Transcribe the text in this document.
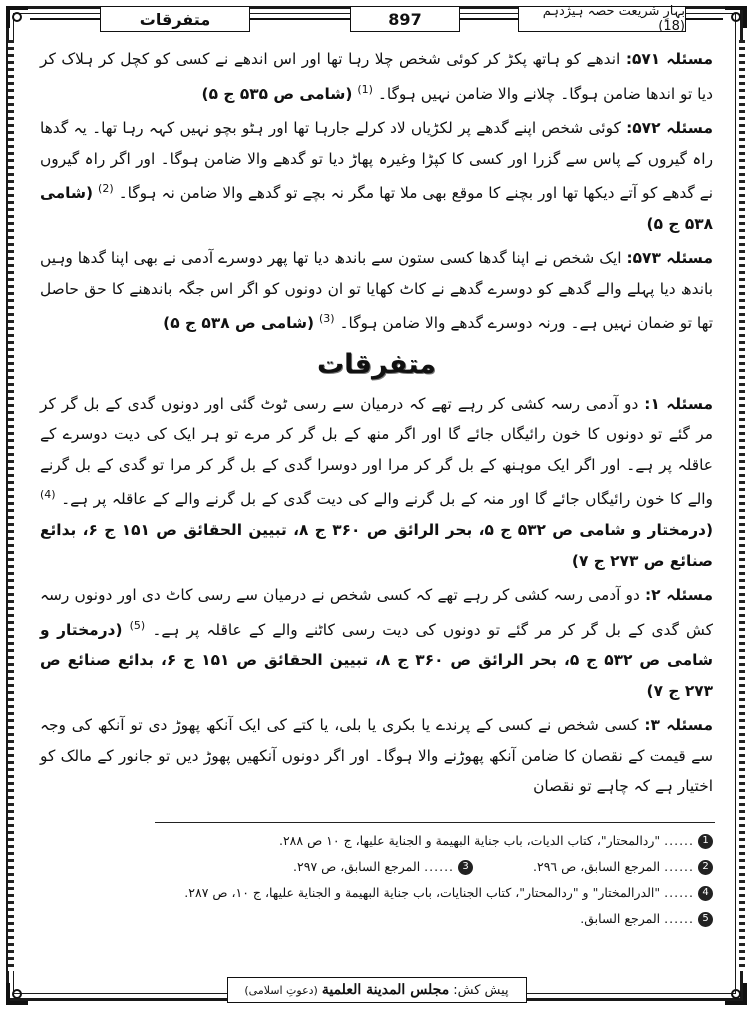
متفرقات	897	بہارِ شریعت حصہ ہیژدہم (18)

مسئلہ ۵۷۱: اندھے کو ہاتھ پکڑ کر کوئی شخص چلا رہا تھا اور اس اندھے نے کسی کو کچل کر ہلاک کر دیا تو اندھا ضامن ہوگا۔ چلانے والا ضامن نہیں ہوگا۔ $^{(1)}$ (شامی ص ۵۳۵ ج ۵)

مسئلہ ۵۷۲: کوئی شخص اپنے گدھے پر لکڑیاں لاد کرلے جارہا تھا اور ہٹو بچو نہیں کہہ رہا تھا۔ یہ گدھا راہ گیروں کے پاس سے گزرا اور کسی کا کپڑا وغیرہ پھاڑ دیا تو گدھے والا ضامن ہوگا۔ اور اگر راہ گیروں نے گدھے کو آتے دیکھا تھا اور بچنے کا موقع بھی ملا تھا مگر نہ بچے تو گدھے والا ضامن نہ ہوگا۔ $^{(2)}$ (شامی ۵۳۸ ج ۵)

مسئلہ ۵۷۳: ایک شخص نے اپنا گدھا کسی ستون سے باندھ دیا تھا پھر دوسرے آدمی نے بھی اپنا گدھا وہیں باندھ دیا پہلے والے گدھے کو دوسرے گدھے نے کاٹ کھایا تو ان دونوں کو اگر اس جگہ باندھنے کا حق حاصل تھا تو ضمان نہیں ہے۔ ورنہ دوسرے گدھے والا ضامن ہوگا۔ $^{(3)}$ (شامی ص ۵۳۸ ج ۵)

متفرقات

مسئلہ ۱: دو آدمی رسہ کشی کر رہے تھے کہ درمیان سے رسی ٹوٹ گئی اور دونوں گدی کے بل گر کر مر گئے تو دونوں کا خون رائیگاں جائے گا اور اگر منھ کے بل گر کر مرے تو ہر ایک کی دیت دوسرے کے عاقلہ پر ہے۔ اور اگر ایک موہنھ کے بل گر کر مرا اور دوسرا گدی کے بل گر کر مرا تو گدی کے بل گرنے والے کا خون رائیگاں جائے گا اور منہ کے بل گرنے والے کی دیت گدی کے بل گرنے والے کے عاقلہ پر ہے۔ $^{(4)}$ (درمختار و شامی ص ۵۳۲ ج ۵، بحر الرائق ص ۳۶۰ ج ۸، تبیین الحقائق ص ۱۵۱ ج ۶، بدائع صنائع ص ۲۷۳ ج ۷)

مسئلہ ۲: دو آدمی رسہ کشی کر رہے تھے کہ کسی شخص نے درمیان سے رسی کاٹ دی اور دونوں رسہ کش گدی کے بل گر کر مر گئے تو دونوں کی دیت رسی کاٹنے والے کے عاقلہ پر ہے۔ $^{(5)}$ (درمختار و شامی ص ۵۳۲ ج ۵، بحر الرائق ص ۳۶۰ ج ۸، تبیین الحقائق ص ۱۵۱ ج ۶، بدائع صنائع ص ۲۷۳ ج ۷)

مسئلہ ۳: کسی شخص نے کسی کے پرندے یا بکری یا بلی، یا کتے کی ایک آنکھ پھوڑ دی تو آنکھ کی وجہ سے قیمت کے نقصان کا ضامن آنکھ پھوڑنے والا ہوگا۔ اور اگر دونوں آنکھیں پھوڑ دیں تو جانور کے مالک کو اختیار ہے کہ چاہے تو نقصان

1
......
"ردالمحتار"، كتاب الديات، باب جناية البهيمة و الجناية عليها، ج ١٠ ص ٢٨٨.
2
......
المرجع السابق، ص ٢٩٦.
3
......
المرجع السابق، ص ٢٩٧.
4
......
"الدرالمختار" و "ردالمحتار"، كتاب الجنايات، باب جناية البهيمة و الجناية عليها، ج ١٠، ص ٢٨٧.
5
......
المرجع السابق.
پیش کش:
مجلس المدينة العلمية
(دعوتِ اسلامی)
